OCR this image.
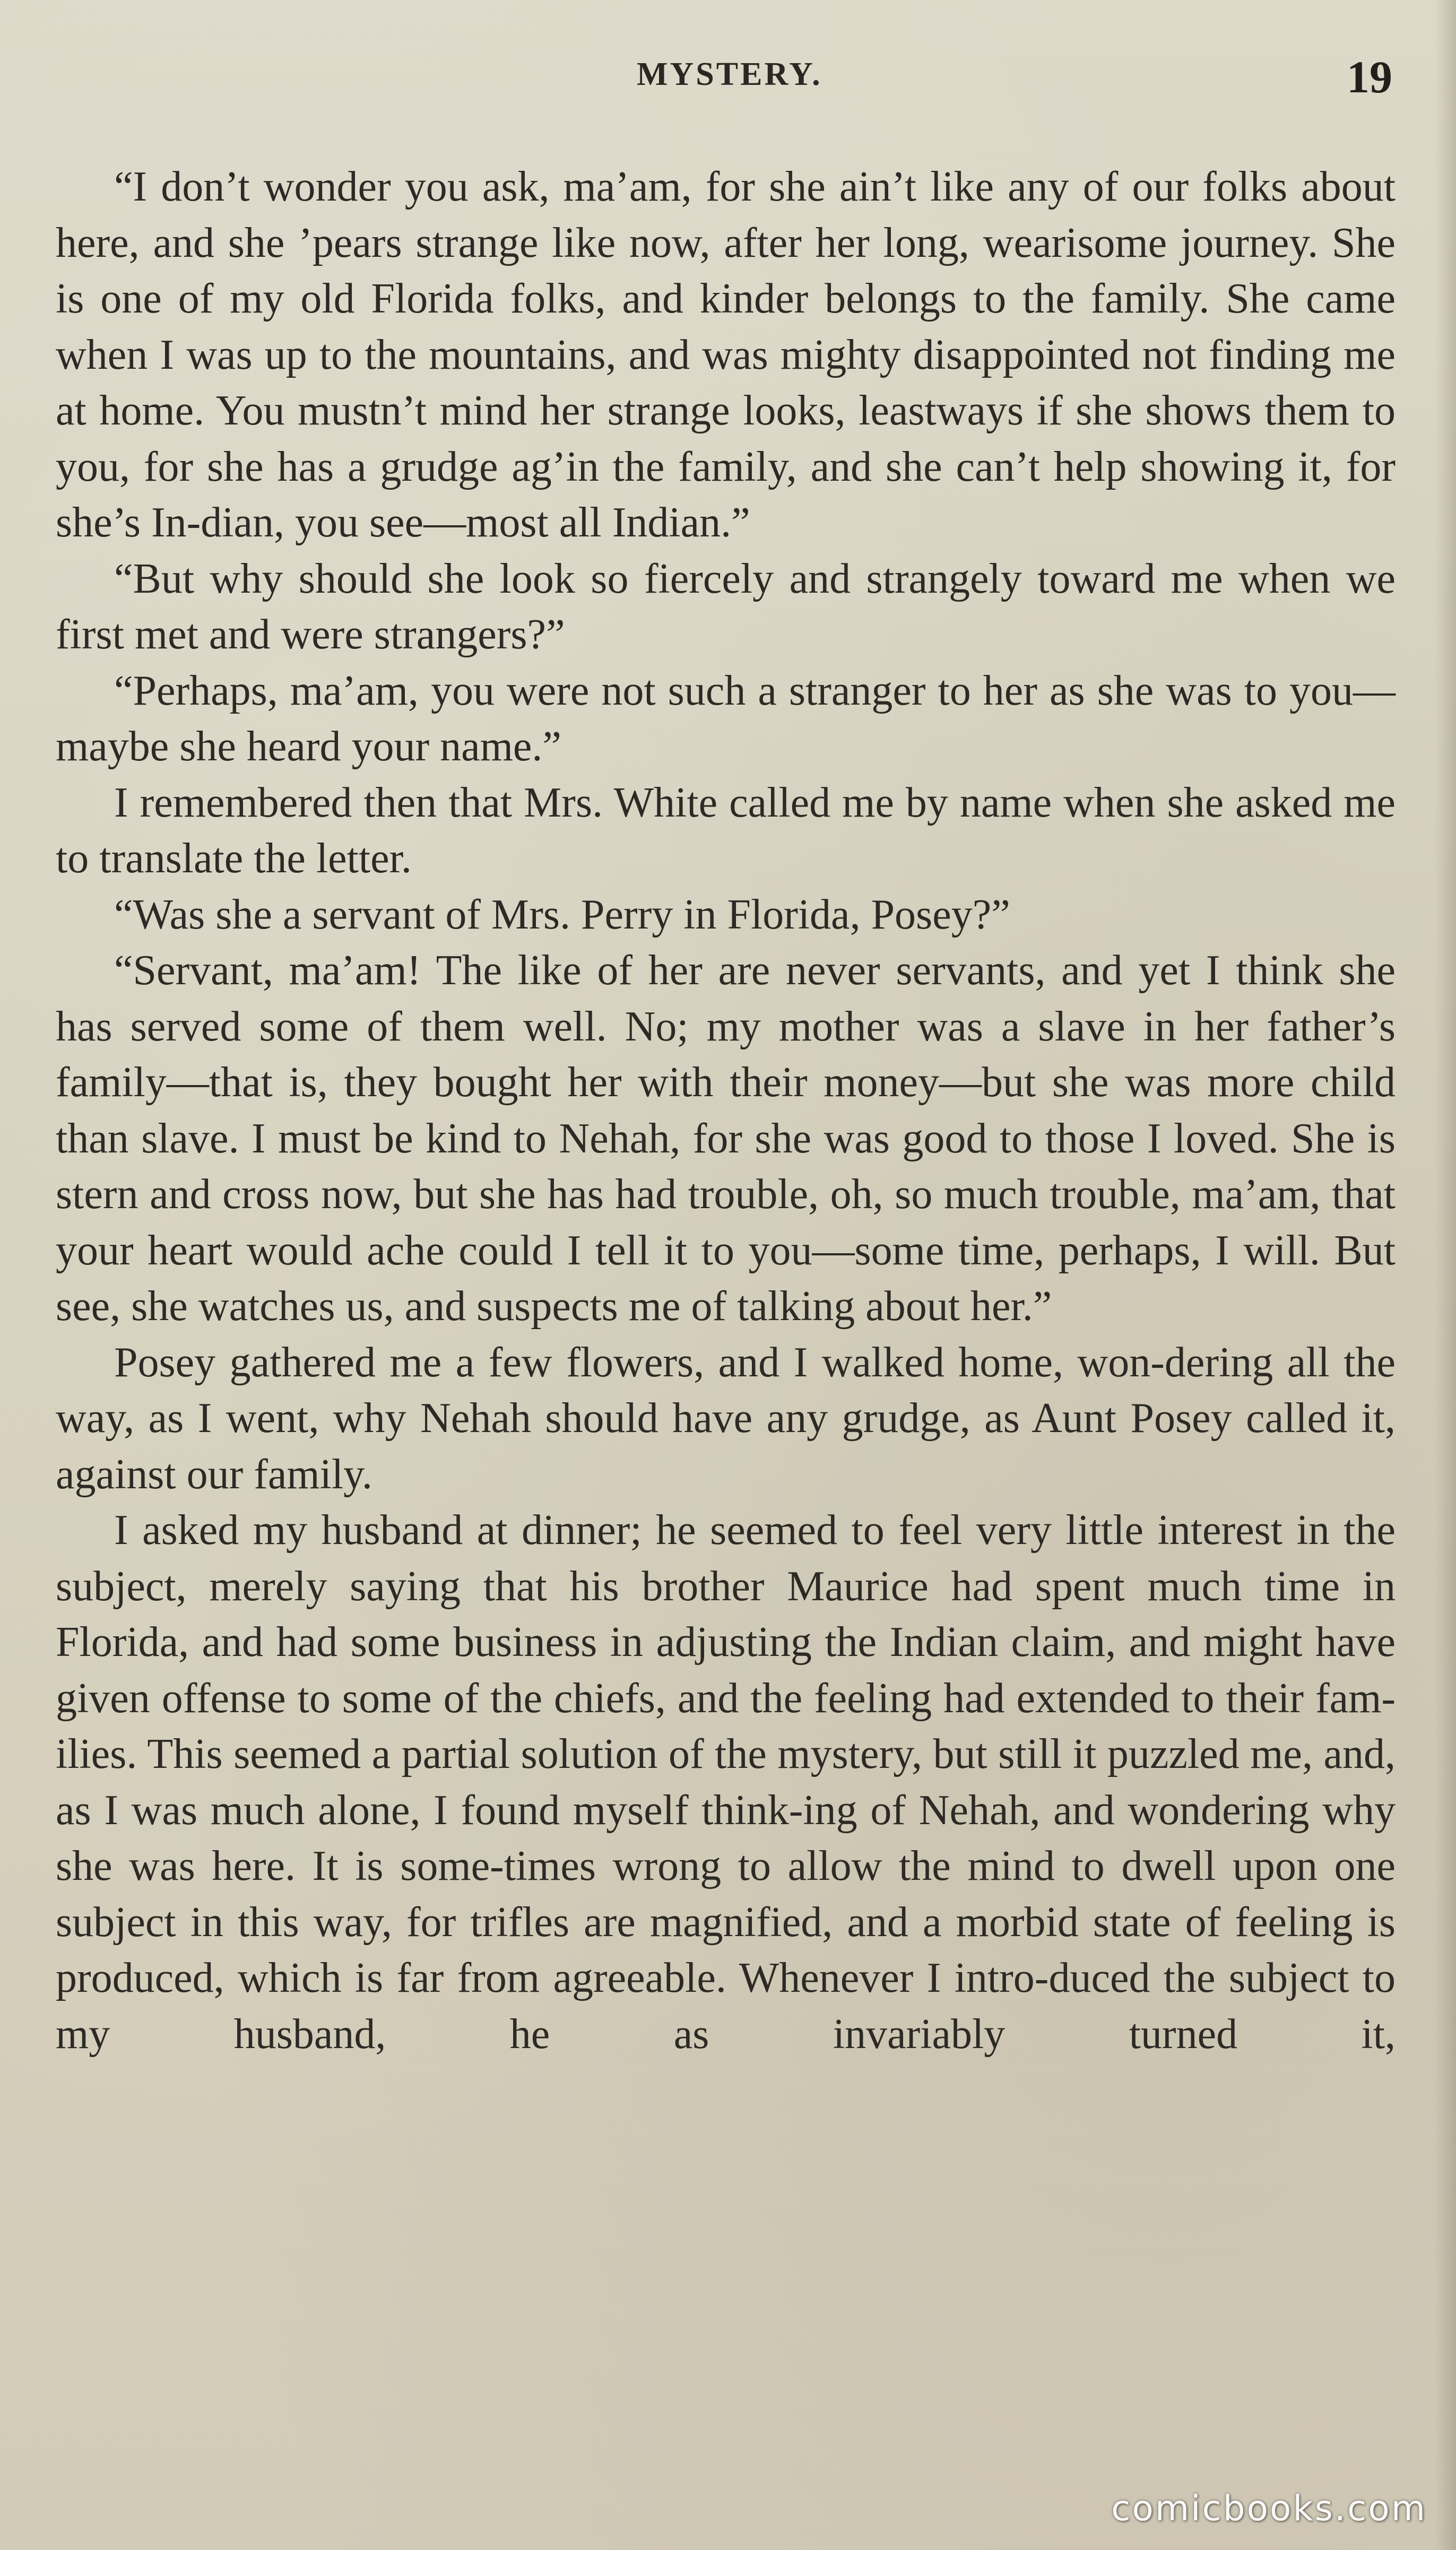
MYSTERY.	19

“I don’t wonder you ask, ma’am, for she ain’t like any of our folks about here, and she ’pears strange like now, after her long, wearisome journey. She is one of my old Florida folks, and kinder belongs to the family. She came when I was up to the mountains, and was mighty disappointed not finding me at home. You mustn’t mind her strange looks, leastways if she shows them to you, for she has a grudge ag’in the family, and she can’t help showing it, for she’s In-dian, you see—most all Indian.”

“But why should she look so fiercely and strangely toward me when we first met and were strangers?”

“Perhaps, ma’am, you were not such a stranger to her as she was to you—maybe she heard your name.”

I remembered then that Mrs. White called me by name when she asked me to translate the letter.

“Was she a servant of Mrs. Perry in Florida, Posey?”

“Servant, ma’am! The like of her are never servants, and yet I think she has served some of them well. No; my mother was a slave in her father’s family—that is, they bought her with their money—but she was more child than slave. I must be kind to Nehah, for she was good to those I loved. She is stern and cross now, but she has had trouble, oh, so much trouble, ma’am, that your heart would ache could I tell it to you—some time, perhaps, I will. But see, she watches us, and suspects me of talking about her.”

Posey gathered me a few flowers, and I walked home, won-dering all the way, as I went, why Nehah should have any grudge, as Aunt Posey called it, against our family.

I asked my husband at dinner; he seemed to feel very little interest in the subject, merely saying that his brother Maurice had spent much time in Florida, and had some business in adjusting the Indian claim, and might have given offense to some of the chiefs, and the feeling had extended to their fam-ilies. This seemed a partial solution of the mystery, but still it puzzled me, and, as I was much alone, I found myself think-ing of Nehah, and wondering why she was here. It is some-times wrong to allow the mind to dwell upon one subject in this way, for trifles are magnified, and a morbid state of feeling is produced, which is far from agreeable. Whenever I intro-duced the subject to my husband, he as invariably turned it,

comicbooks.com
